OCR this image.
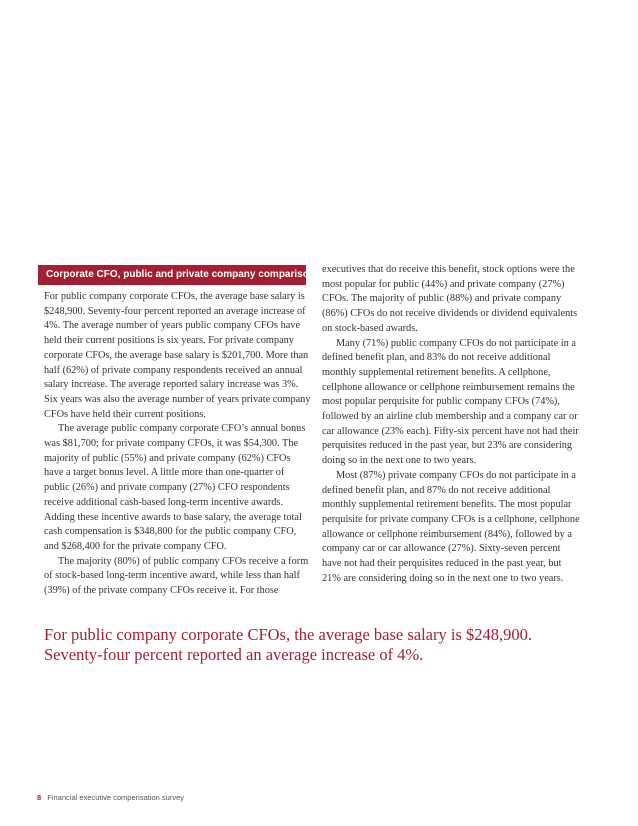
Corporate CFO, public and private company comparison

For public company corporate CFOs, the average base salary is $248,900. Seventy-four percent reported an average increase of 4%. The average number of years public company CFOs have held their current positions is six years. For private company corporate CFOs, the average base salary is $201,700. More than half (62%) of private company respondents received an annual salary increase. The average reported salary increase was 3%. Six years was also the average number of years private company CFOs have held their current positions.

The average public company corporate CFO’s annual bonus was $81,700; for private company CFOs, it was $54,300. The majority of public (55%) and private company (62%) CFOs have a target bonus level. A little more than one-quarter of public (26%) and private company (27%) CFO respondents receive additional cash-based long-term incentive awards. Adding these incentive awards to base salary, the average total cash compensation is $348,800 for the public company CFO, and $268,400 for the private company CFO.

The majority (80%) of public company CFOs receive a form of stock-based long-term incentive award, while less than half (39%) of the private company CFOs receive it. For those

executives that do receive this benefit, stock options were the most popular for public (44%) and private company (27%) CFOs. The majority of public (88%) and private company (86%) CFOs do not receive dividends or dividend equivalents on stock-based awards.

Many (71%) public company CFOs do not participate in a defined benefit plan, and 83% do not receive additional monthly supplemental retirement benefits. A cellphone, cellphone allowance or cellphone reimbursement remains the most popular perquisite for public company CFOs (74%), followed by an airline club membership and a company car or car allowance (23% each). Fifty-six percent have not had their perquisites reduced in the past year, but 23% are considering doing so in the next one to two years.

Most (87%) private company CFOs do not participate in a defined benefit plan, and 87% do not receive additional monthly supplemental retirement benefits. The most popular perquisite for private company CFOs is a cellphone, cellphone allowance or cellphone reimbursement (84%), followed by a company car or car allowance (27%). Sixty-seven percent have not had their perquisites reduced in the past year, but 21% are considering doing so in the next one to two years.

For public company corporate CFOs, the average base salary is $248,900.

Seventy-four percent reported an average increase of 4%.

8 Financial executive compensation survey
